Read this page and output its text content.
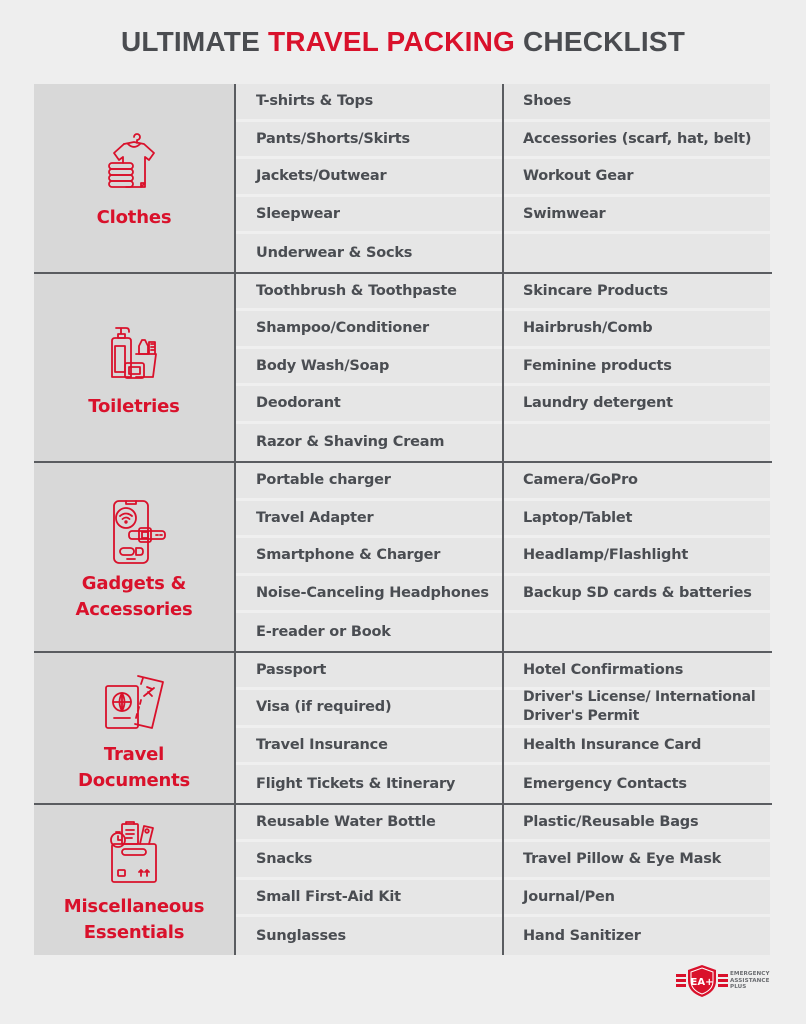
ULTIMATE TRAVEL PACKING CHECKLIST
Clothes
T-shirts & Tops
Pants/Shorts/Skirts
Jackets/Outwear
Sleepwear
Underwear & Socks
Shoes
Accessories (scarf, hat, belt)
Workout Gear
Swimwear
Toiletries
Toothbrush & Toothpaste
Shampoo/Conditioner
Body Wash/Soap
Deodorant
Razor & Shaving Cream
Skincare Products
Hairbrush/Comb
Feminine products
Laundry detergent
Gadgets &
Accessories
Portable charger
Travel Adapter
Smartphone & Charger
Noise-Canceling Headphones
E-reader or Book
Camera/GoPro
Laptop/Tablet
Headlamp/Flashlight
Backup SD cards & batteries
Travel
Documents
Passport
Visa (if required)
Travel Insurance
Flight Tickets & Itinerary
Hotel Confirmations
Driver's License/ International Driver's Permit
Health Insurance Card
Emergency Contacts
Miscellaneous
Essentials
Reusable Water Bottle
Snacks
Small First-Aid Kit
Sunglasses
Plastic/Reusable Bags
Travel Pillow & Eye Mask
Journal/Pen
Hand Sanitizer
EA+
EMERGENCY
ASSISTANCE
PLUS
